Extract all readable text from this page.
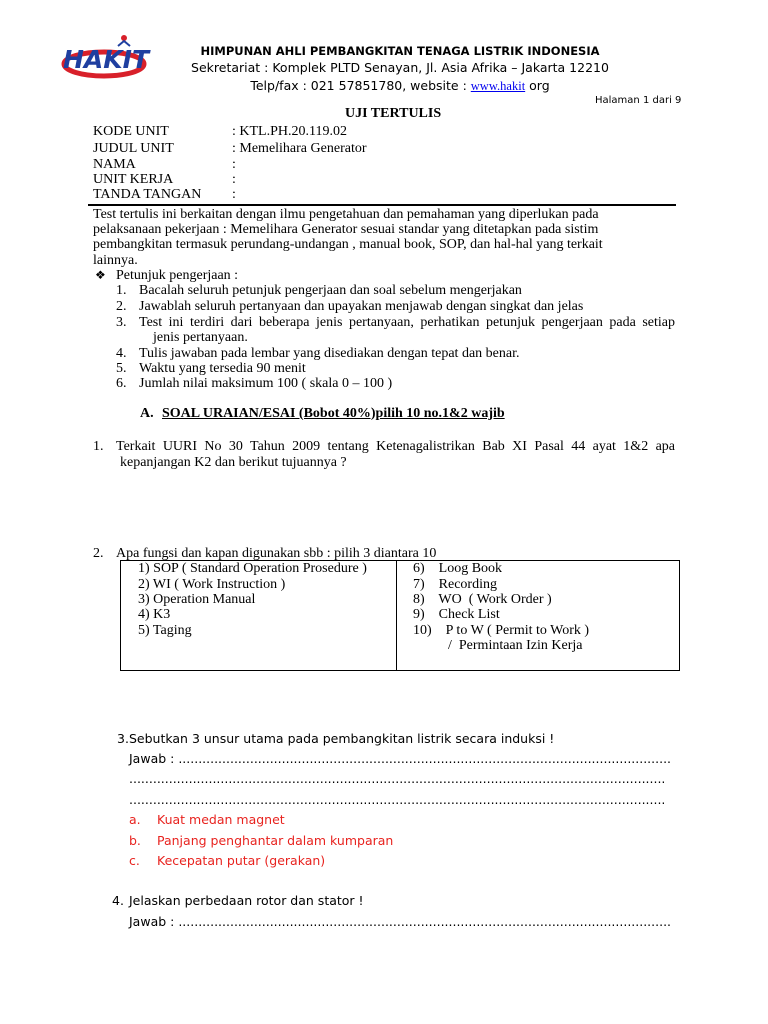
HAKIT	HIMPUNAN AHLI PEMBANGKITAN TENAGA LISTRIK INDONESIA
Sekretariat : Komplek PLTD Senayan, Jl. Asia Afrika – Jakarta 12210
Telp/fax : 021 57851780, website : www.hakit org
Halaman 1 dari 9
UJI TERTULIS
KODE UNIT	: KTL.PH.20.119.02
JUDUL UNIT	: Memelihara Generator
NAMA	:
UNIT KERJA	:
TANDA TANGAN :
Test tertulis ini berkaitan dengan ilmu pengetahuan dan pemahaman yang diperlukan pada
pelaksanaan pekerjaan : Memelihara Generator sesuai standar yang ditetapkan pada sistim
pembangkitan termasuk perundang-undangan , manual book, SOP, dan hal-hal yang terkait
lainnya.
❖ Petunjuk pengerjaan :
1. Bacalah seluruh petunjuk pengerjaan dan soal sebelum mengerjakan
2. Jawablah seluruh pertanyaan dan upayakan menjawab dengan singkat dan jelas
3. Test ini terdiri dari beberapa jenis pertanyaan, perhatikan petunjuk pengerjaan pada setiap
jenis pertanyaan.
4. Tulis jawaban pada lembar yang disediakan dengan tepat dan benar.
5. Waktu yang tersedia 90 menit
6. Jumlah nilai maksimum 100 ( skala 0 – 100 )
A. SOAL URAIAN/ESAI (Bobot 40%)pilih 10 no.1&2 wajib
1. Terkait UURI No 30 Tahun 2009 tentang Ketenagalistrikan Bab XI Pasal 44 ayat 1&2 apa
kepanjangan K2 dan berikut tujuannya ?
2. Apa fungsi dan kapan digunakan sbb : pilih 3 diantara 10
1) SOP ( Standard Operation Prosedure )
2) WI ( Work Instruction )
3) Operation Manual
4) K3
5) Taging
6)    Loog Book
7)    Recording
8)    WO  ( Work Order )
9)    Check List
10)    P to W ( Permit to Work )
/  Permintaan Izin Kerja
3. Sebutkan 3 unsur utama pada pembangkitan listrik secara induksi !
Jawab : ............................................................................................................................
.......................................................................................................................................
.......................................................................................................................................
a. Kuat medan magnet
b. Panjang penghantar dalam kumparan
c. Kecepatan putar (gerakan)
4. Jelaskan perbedaan rotor dan stator !
Jawab : ............................................................................................................................
